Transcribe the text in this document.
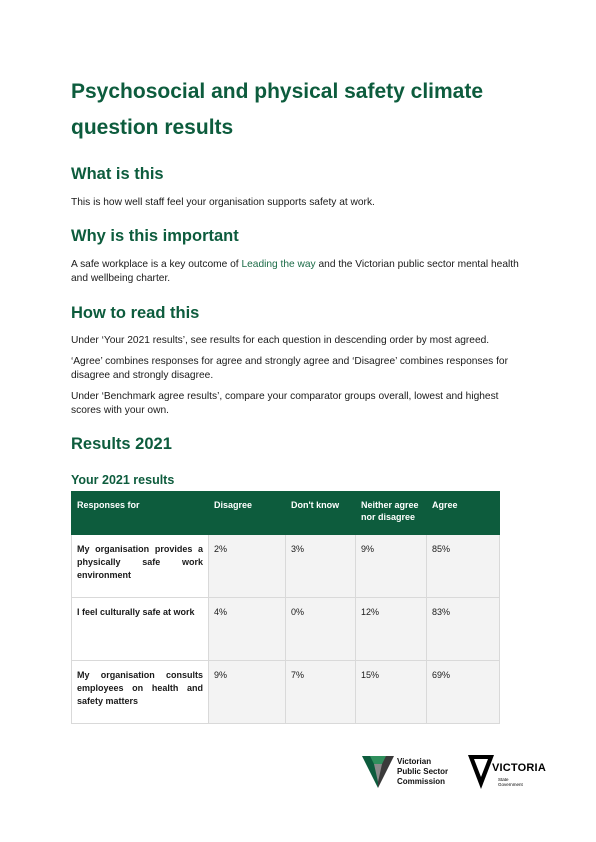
Psychosocial and physical safety climate question results
What is this

This is how well staff feel your organisation supports safety at work.

Why is this important

A safe workplace is a key outcome of Leading the way and the Victorian public sector mental health and wellbeing charter.

How to read this

Under ‘Your 2021 results’, see results for each question in descending order by most agreed.

‘Agree’ combines responses for agree and strongly agree and ‘Disagree’ combines responses for disagree and strongly disagree.

Under ‘Benchmark agree results’, compare your comparator groups overall, lowest and highest scores with your own.

Results 2021
Your 2021 results
Responses for	Disagree	Don't know	Neither agree nor disagree	Agree
My organisation provides a physically safe work environment	2%	3%	9%	85%
I feel culturally safe at work	4%	0%	12%	83%
My organisation consults employees on health and safety matters	9%	7%	15%	69%
Victorian
Public Sector
Commission
VICTORIA
State
Government
